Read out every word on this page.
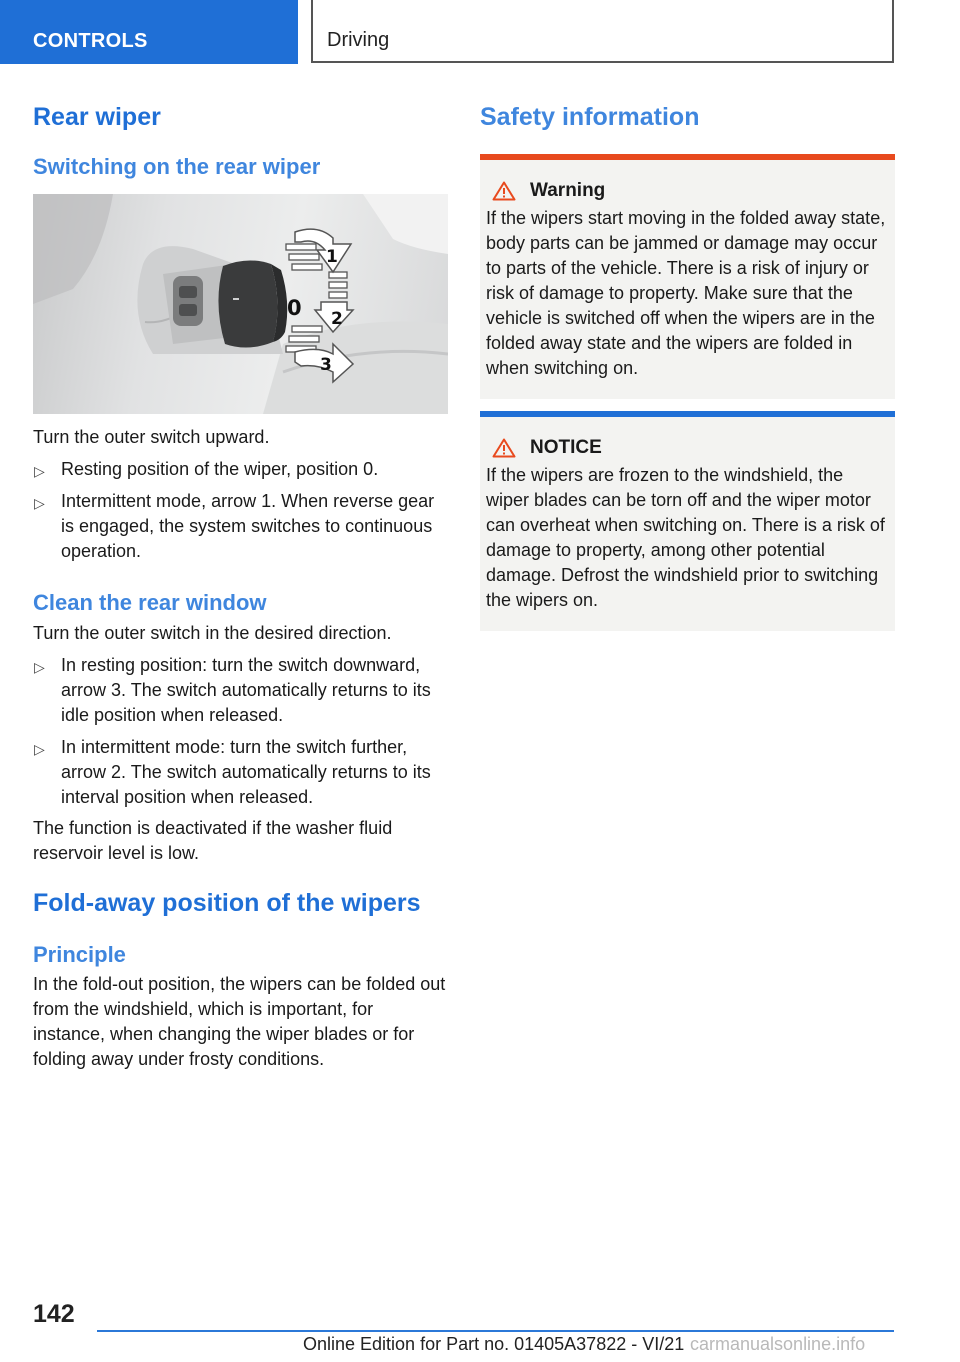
CONTROLS	Driving
Rear wiper
Switching on the rear wiper
1
0 2
3

Turn the outer switch upward.

▷ Resting position of the wiper, position 0.
▷ Intermittent mode, arrow 1. When reverse gear is engaged, the system switches to continuous operation.
Clean the rear window

Turn the outer switch in the desired direction.

▷ In resting position: turn the switch downward, arrow 3. The switch automatically returns to its idle position when released.
▷ In intermittent mode: turn the switch further, arrow 2. The switch automatically returns to its interval position when released.

The function is deactivated if the washer fluid reservoir level is low.

Fold-away position of the wipers
Principle

In the fold-out position, the wipers can be folded out from the windshield, which is important, for instance, when changing the wiper blades or for folding away under frosty conditions.

Safety information
Warning

If the wipers start moving in the folded away state, body parts can be jammed or damage may occur to parts of the vehicle. There is a risk of injury or risk of damage to property. Make sure that the vehicle is switched off when the wipers are in the folded away state and the wipers are folded in when switching on.

NOTICE

If the wipers are frozen to the windshield, the wiper blades can be torn off and the wiper motor can overheat when switching on. There is a risk of damage to property, among other potential damage. Defrost the windshield prior to switching the wipers on.

142
Online Edition for Part no. 01405A37822 - VI/21 carmanualsonline.info
